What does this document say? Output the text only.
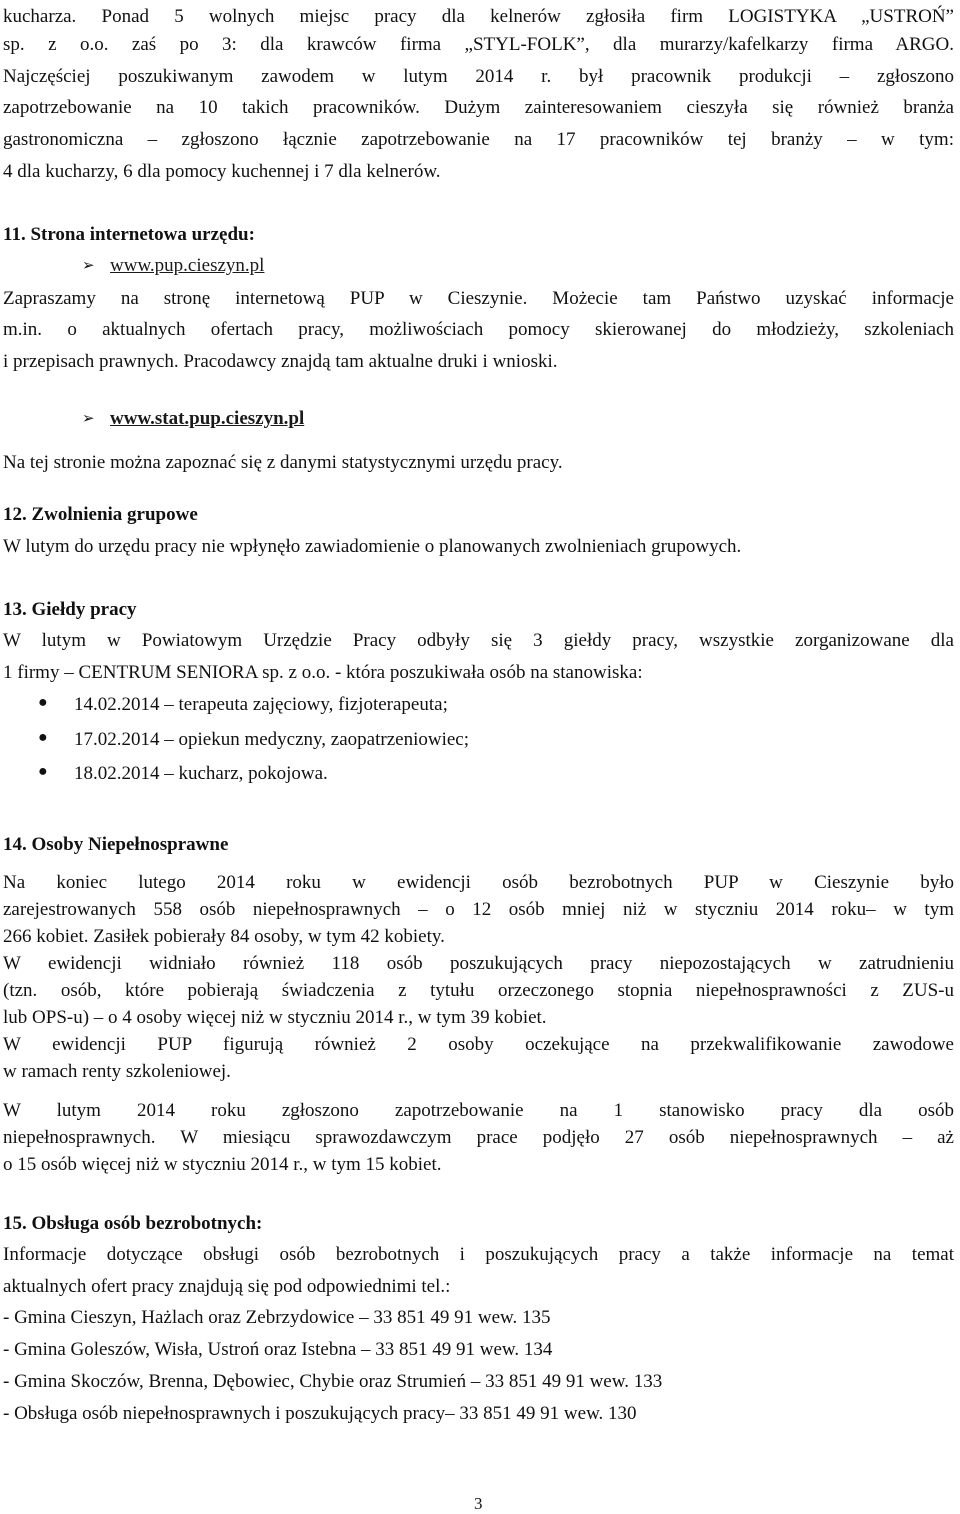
kucharza. Ponad 5 wolnych miejsc pracy dla kelnerów zgłosiła firm LOGISTYKA „USTROŃ”
sp. z o.o. zaś po 3: dla krawców firma „STYL-FOLK”, dla murarzy/kafelkarzy firma ARGO.
Najczęściej poszukiwanym zawodem w lutym 2014 r. był pracownik produkcji – zgłoszono
zapotrzebowanie na 10 takich pracowników. Dużym zainteresowaniem cieszyła się również branża
gastronomiczna – zgłoszono łącznie zapotrzebowanie na 17 pracowników tej branży – w tym:
4 dla kucharzy, 6 dla pomocy kuchennej i 7 dla kelnerów.
11. Strona internetowa urzędu:
➢ www.pup.cieszyn.pl
Zapraszamy na stronę internetową PUP w Cieszynie. Możecie tam Państwo uzyskać informacje
m.in. o aktualnych ofertach pracy, możliwościach pomocy skierowanej do młodzieży, szkoleniach
i przepisach prawnych. Pracodawcy znajdą tam aktualne druki i wnioski.
➢ www.stat.pup.cieszyn.pl
Na tej stronie można zapoznać się z danymi statystycznymi urzędu pracy.
12. Zwolnienia grupowe
W lutym do urzędu pracy nie wpłynęło zawiadomienie o planowanych zwolnieniach grupowych.
13. Giełdy pracy
W lutym w Powiatowym Urzędzie Pracy odbyły się 3 giełdy pracy, wszystkie zorganizowane dla
1 firmy – CENTRUM SENIORA sp. z o.o. - która poszukiwała osób na stanowiska:
● 14.02.2014 – terapeuta zajęciowy, fizjoterapeuta;
● 17.02.2014 – opiekun medyczny, zaopatrzeniowiec;
● 18.02.2014 – kucharz, pokojowa.
14. Osoby Niepełnosprawne
Na koniec lutego 2014 roku w ewidencji osób bezrobotnych PUP w Cieszynie było
zarejestrowanych 558 osób niepełnosprawnych – o 12 osób mniej niż w styczniu 2014 roku– w tym
266 kobiet. Zasiłek pobierały 84 osoby, w tym 42 kobiety.
W ewidencji widniało również 118 osób poszukujących pracy niepozostających w zatrudnieniu
(tzn. osób, które pobierają świadczenia z tytułu orzeczonego stopnia niepełnosprawności z ZUS-u
lub OPS-u) – o 4 osoby więcej niż w styczniu 2014 r., w tym 39 kobiet.
W ewidencji PUP figurują również 2 osoby oczekujące na przekwalifikowanie zawodowe
w ramach renty szkoleniowej.
W lutym 2014 roku zgłoszono zapotrzebowanie na 1 stanowisko pracy dla osób
niepełnosprawnych. W miesiącu sprawozdawczym prace podjęło 27 osób niepełnosprawnych – aż
o 15 osób więcej niż w styczniu 2014 r., w tym 15 kobiet.
15. Obsługa osób bezrobotnych:
Informacje dotyczące obsługi osób bezrobotnych i poszukujących pracy a także informacje na temat
aktualnych ofert pracy znajdują się pod odpowiednimi tel.:
- Gmina Cieszyn, Hażlach oraz Zebrzydowice – 33 851 49 91 wew. 135
- Gmina Goleszów, Wisła, Ustroń oraz Istebna – 33 851 49 91 wew. 134
- Gmina Skoczów, Brenna, Dębowiec, Chybie oraz Strumień – 33 851 49 91 wew. 133
- Obsługa osób niepełnosprawnych i poszukujących pracy– 33 851 49 91 wew. 130
3
